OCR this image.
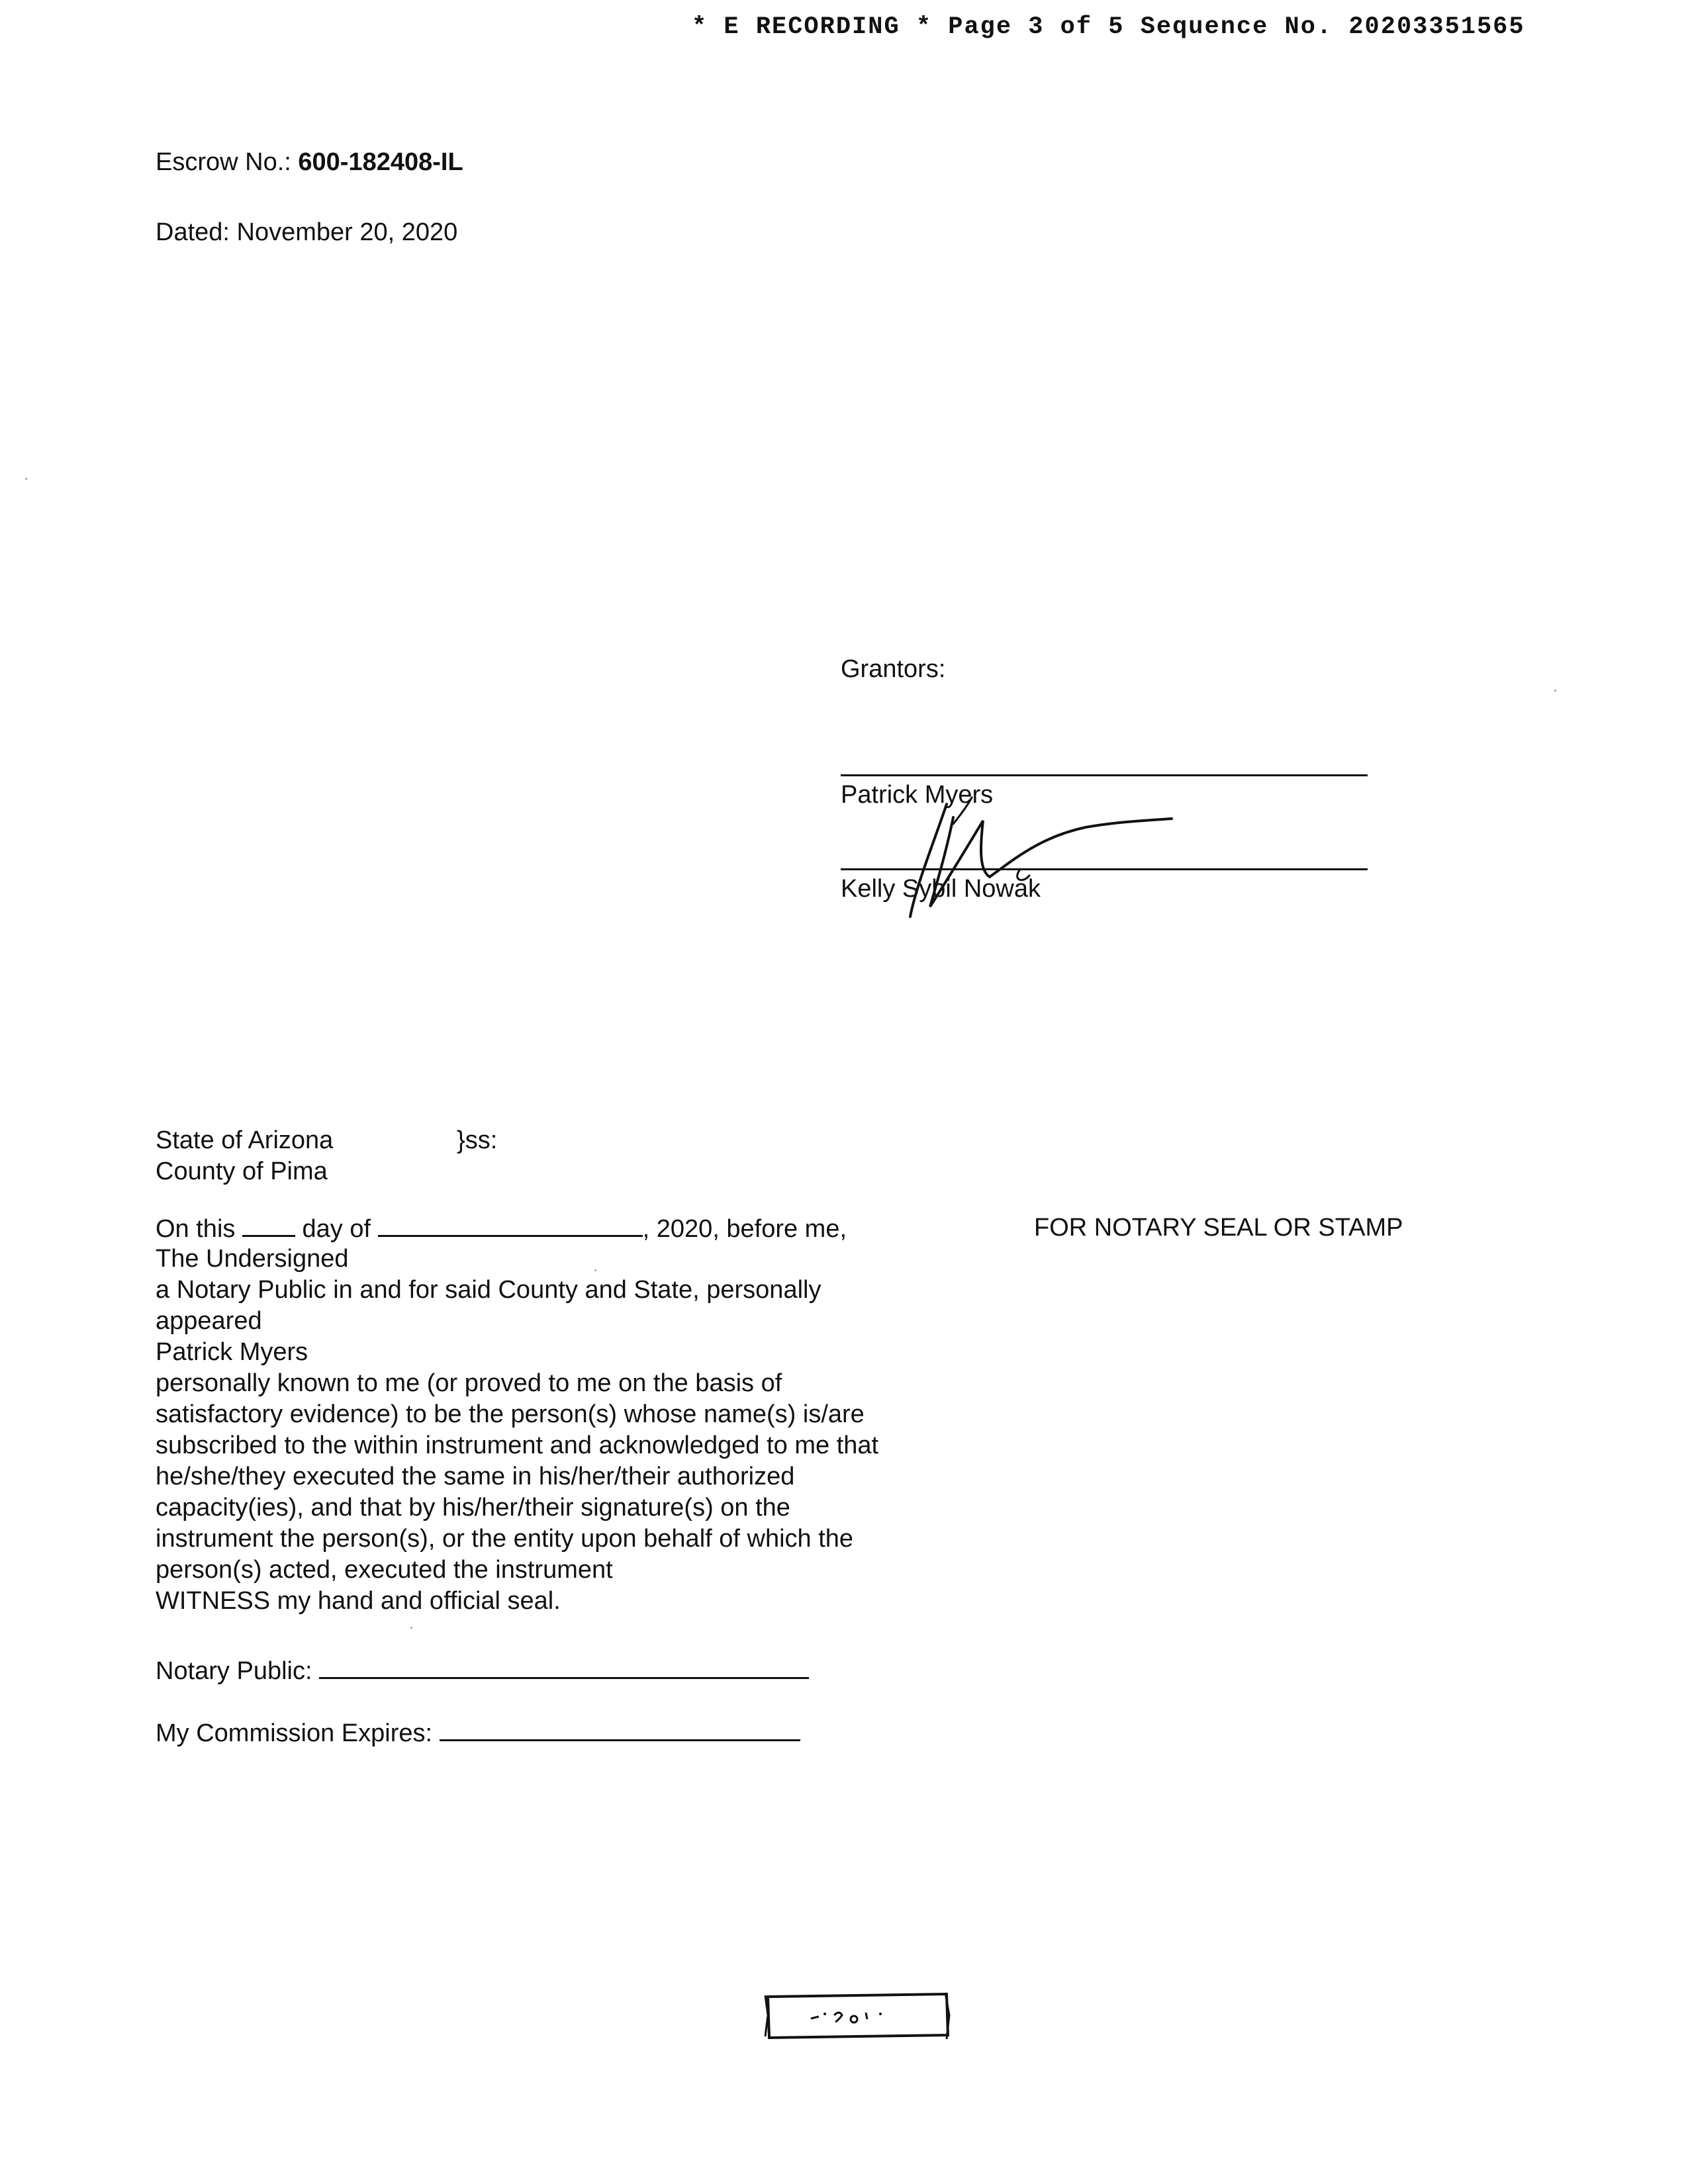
* E RECORDING * Page 3 of 5 Sequence No. 20203351565
Escrow No.: 600-182408-IL
Dated: November 20, 2020
Grantors:
Patrick Myers
Kelly Sybil Nowak
State of Arizona	}ss:
County of Pima
FOR NOTARY SEAL OR STAMP
On this	day of	, 2020, before me,
The Undersigned
a Notary Public in and for said County and State, personally
appeared
Patrick Myers
personally known to me (or proved to me on the basis of
satisfactory evidence) to be the person(s) whose name(s) is/are
subscribed to the within instrument and acknowledged to me that
he/she/they executed the same in his/her/their authorized
capacity(ies), and that by his/her/their signature(s) on the
instrument the person(s), or the entity upon behalf of which the
person(s) acted, executed the instrument
WITNESS my hand and official seal.
Notary Public:
My Commission Expires:
